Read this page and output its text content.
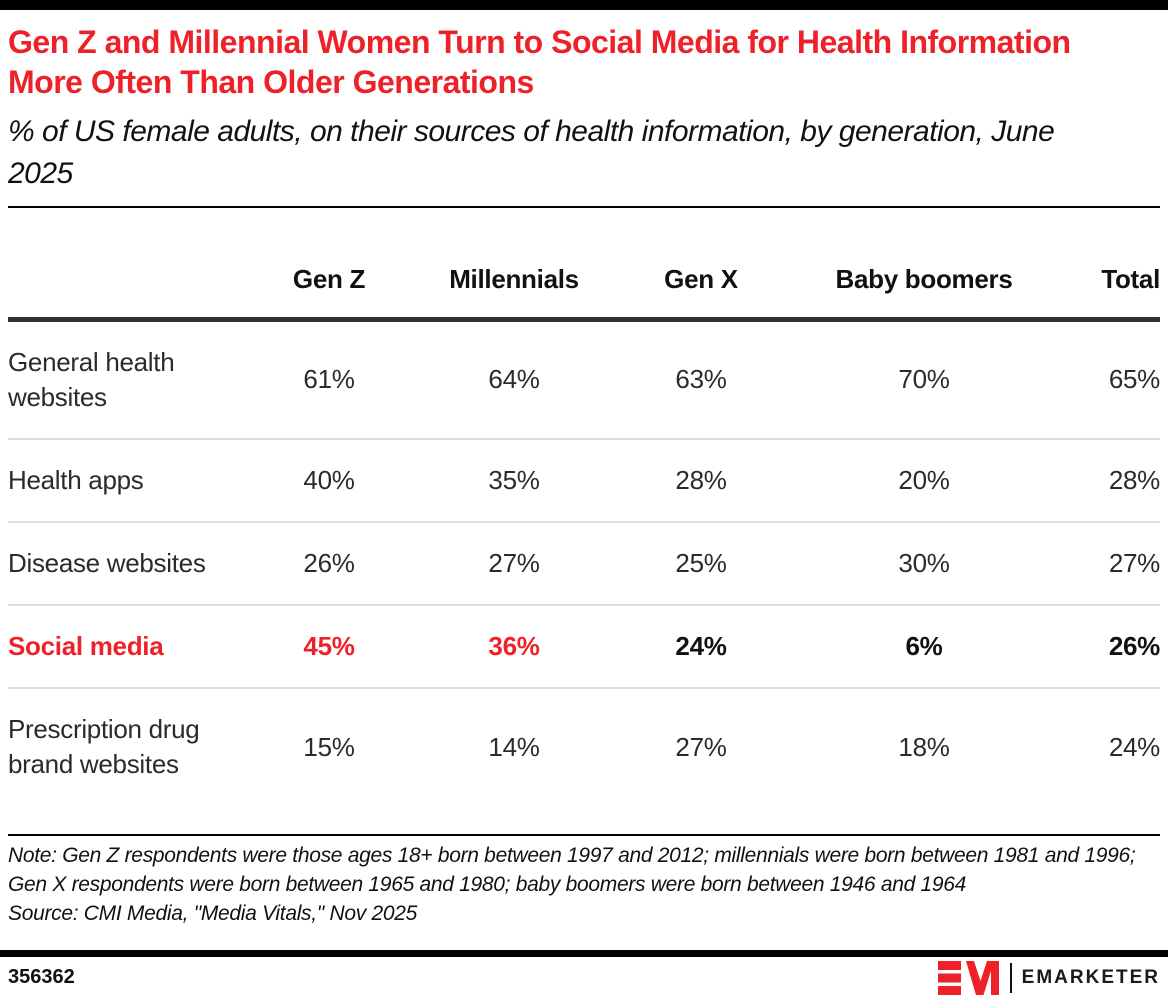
Gen Z and Millennial Women Turn to Social Media for Health Information More Often Than Older Generations

% of US female adults, on their sources of health information, by generation, June 2025

	Gen Z	Millennials	Gen X	Baby boomers	Total
General health websites	61%	64%	63%	70%	65%
Health apps	40%	35%	28%	20%	28%
Disease websites	26%	27%	25%	30%	27%
Social media	45%	36%	24%	6%	26%
Prescription drug brand websites	15%	14%	27%	18%	24%

Note: Gen Z respondents were those ages 18+ born between 1997 and 2012; millennials were born between 1981 and 1996; Gen X respondents were born between 1965 and 1980; baby boomers were born between 1946 and 1964

Source: CMI Media, "Media Vitals," Nov 2025

356362	EMARKETER
